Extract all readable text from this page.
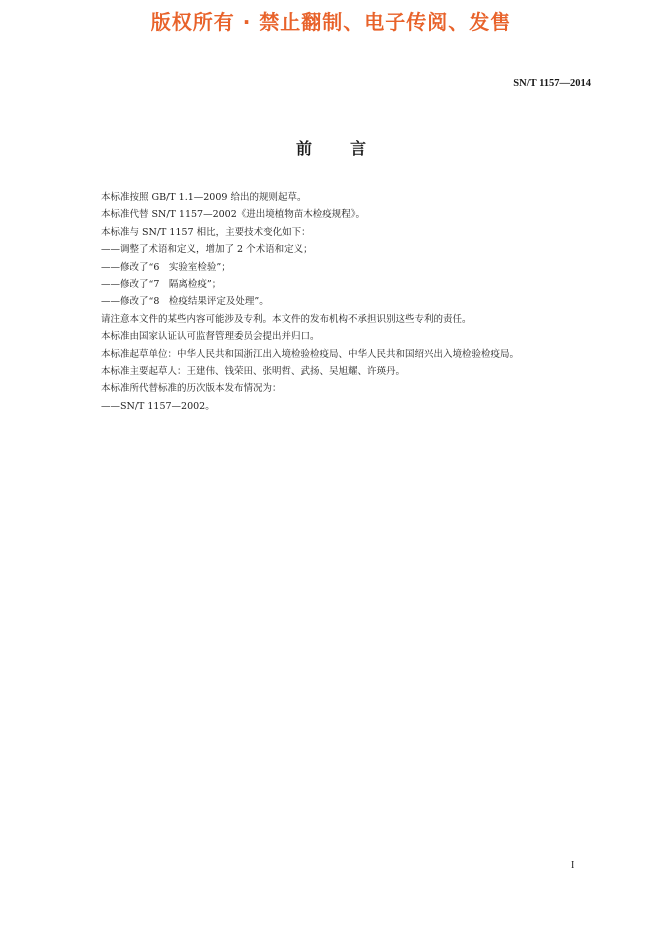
版权所有 · 禁止翻制、电子传阅、发售
SN/T 1157—2014
前言

本标准按照 GB/T 1.1—2009 给出的规则起草。

本标准代替 SN/T 1157—2002《进出境植物苗木检疫规程》。

本标准与 SN/T 1157 相比，主要技术变化如下：

——调整了术语和定义，增加了 2 个术语和定义；

——修改了“6　实验室检验”；

——修改了“7　隔离检疫”；

——修改了“8　检疫结果评定及处理”。

请注意本文件的某些内容可能涉及专利。本文件的发布机构不承担识别这些专利的责任。

本标准由国家认证认可监督管理委员会提出并归口。

本标准起草单位：中华人民共和国浙江出入境检验检疫局、中华人民共和国绍兴出入境检验检疫局。

本标准主要起草人：王建伟、钱荣田、张明哲、武扬、吴旭耀、许瑛丹。

本标准所代替标准的历次版本发布情况为：

——SN/T 1157—2002。

I
